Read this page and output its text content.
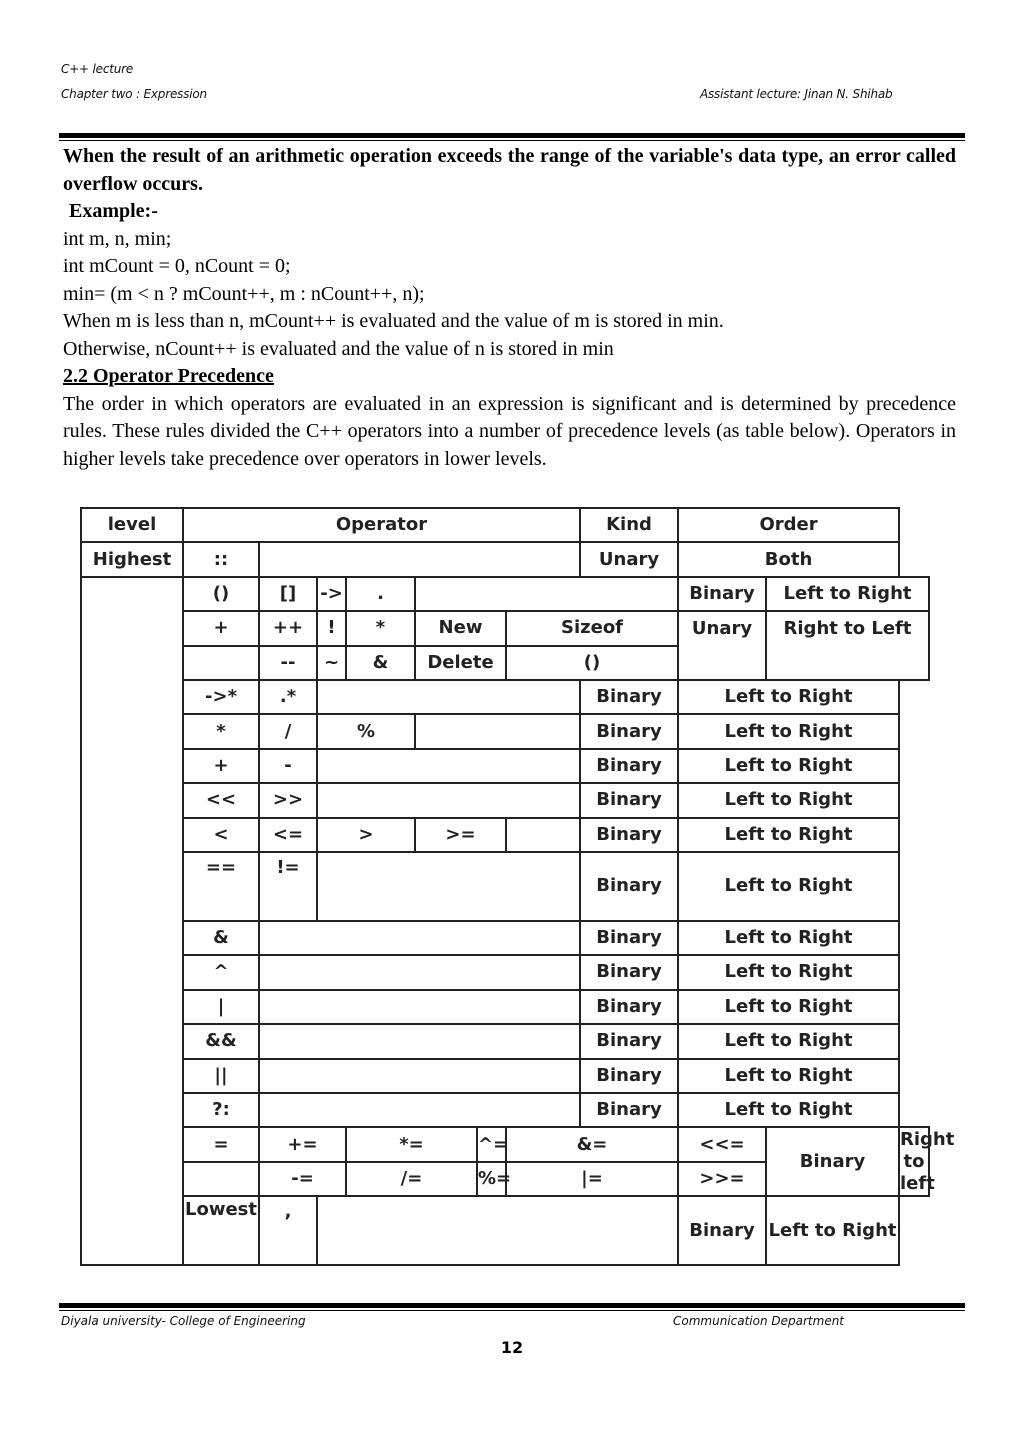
C++ lecture
Chapter two : Expression	Assistant lecture: Jinan N. Shihab

When the result of an arithmetic operation exceeds the range of the variable's data type, an error called overflow occurs.

Example:-

int m, n, min;

int mCount = 0, nCount = 0;

min= (m < n ? mCount++, m : nCount++, n);

When m is less than n, mCount++ is evaluated and the value of m is stored in min.

Otherwise, nCount++ is evaluated and the value of n is stored in min

2.2 Operator Precedence

The order in which operators are evaluated in an expression is significant and is determined by precedence rules. These rules divided the C++ operators into a number of precedence levels (as table below). Operators in higher levels take precedence over operators in lower levels.

level	Operator							Kind	Order		
Highest	::							Unary	Both		
	()	[]	->	.					Binary	Left to Right	
	+	++	!	*	New		Sizeof		Unary	Right to Left	
		--	~	&	Delete		()				
	->*	.*						Binary	Left to Right		
	*	/	%					Binary	Left to Right		
	+	-						Binary	Left to Right		
	<<	>>						Binary	Left to Right		
	<	<=	>		>=			Binary	Left to Right		
	==	!=						Binary	Left to Right		
	&							Binary	Left to Right		
	^							Binary	Left to Right		
	|							Binary	Left to Right		
	&&							Binary	Left to Right		
	||							Binary	Left to Right		
	?:							Binary	Left to Right		
	=	+=		*=		^=	&=		<<=	Binary	Right to left
		-=		/=		%=	|=		>>=		
	Lowest	,							Binary	Left to Right	
Diyala university- College of Engineering	Communication Department
12
